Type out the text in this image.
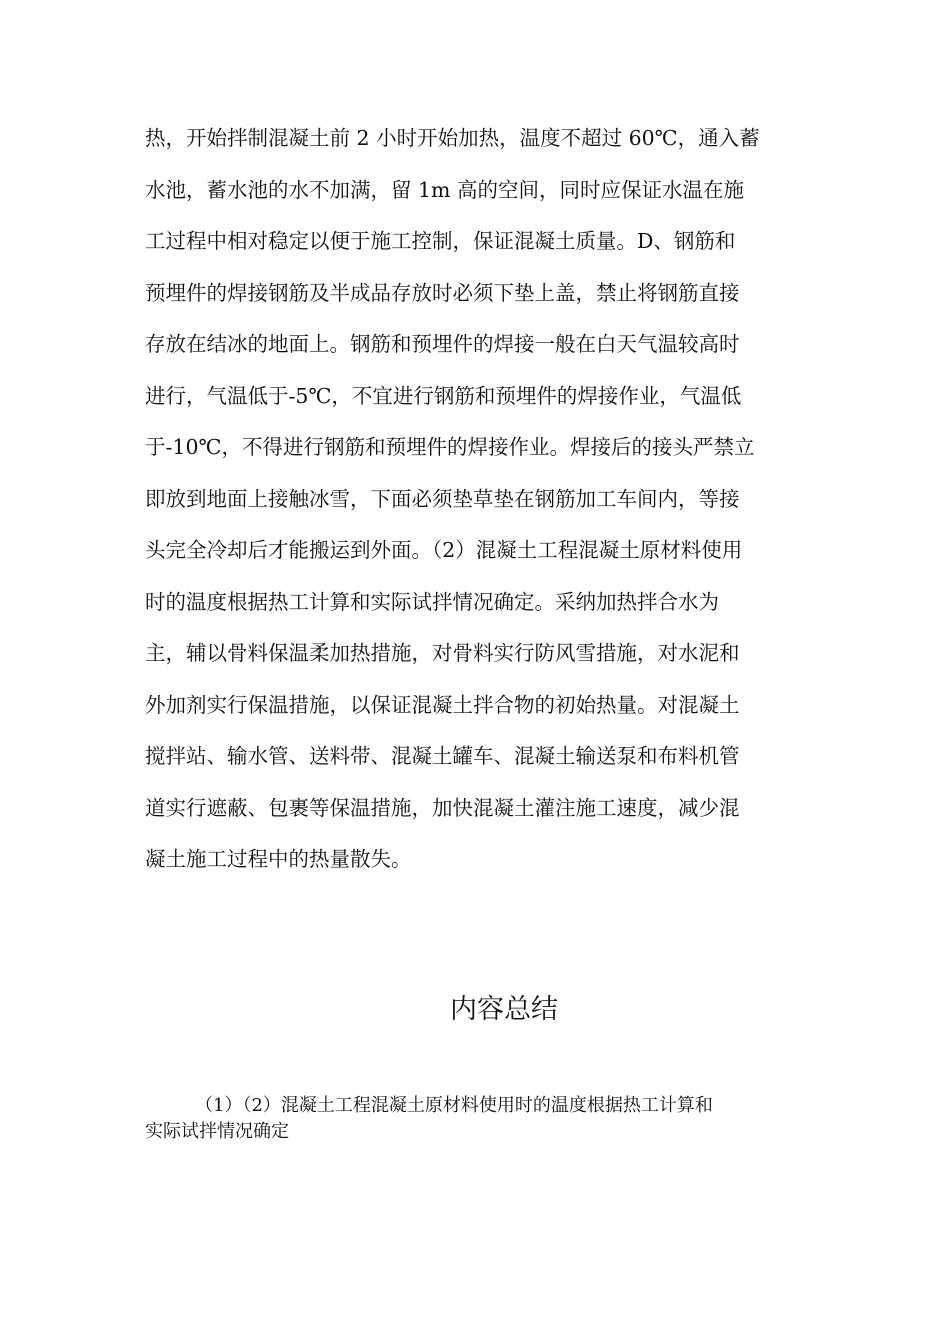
热，开始拌制混凝土前 2 小时开始加热，温度不超过 60℃，通入蓄
水池，蓄水池的水不加满，留 1m 高的空间，同时应保证水温在施
工过程中相对稳定以便于施工控制，保证混凝土质量。D、钢筋和
预埋件的焊接钢筋及半成品存放时必须下垫上盖，禁止将钢筋直接
存放在结冰的地面上。钢筋和预埋件的焊接一般在白天气温较高时
进行，气温低于-5℃，不宜进行钢筋和预埋件的焊接作业，气温低
于-10℃，不得进行钢筋和预埋件的焊接作业。焊接后的接头严禁立
即放到地面上接触冰雪，下面必须垫草垫在钢筋加工车间内，等接
头完全冷却后才能搬运到外面。（2）混凝土工程混凝土原材料使用
时的温度根据热工计算和实际试拌情况确定。采纳加热拌合水为
主，辅以骨料保温柔加热措施，对骨料实行防风雪措施，对水泥和
外加剂实行保温措施，以保证混凝土拌合物的初始热量。对混凝土
搅拌站、输水管、送料带、混凝土罐车、混凝土输送泵和布料机管
道实行遮蔽、包裹等保温措施，加快混凝土灌注施工速度，减少混
凝土施工过程中的热量散失。
内容总结
（1）（2）混凝土工程混凝土原材料使用时的温度根据热工计算和
实际试拌情况确定
